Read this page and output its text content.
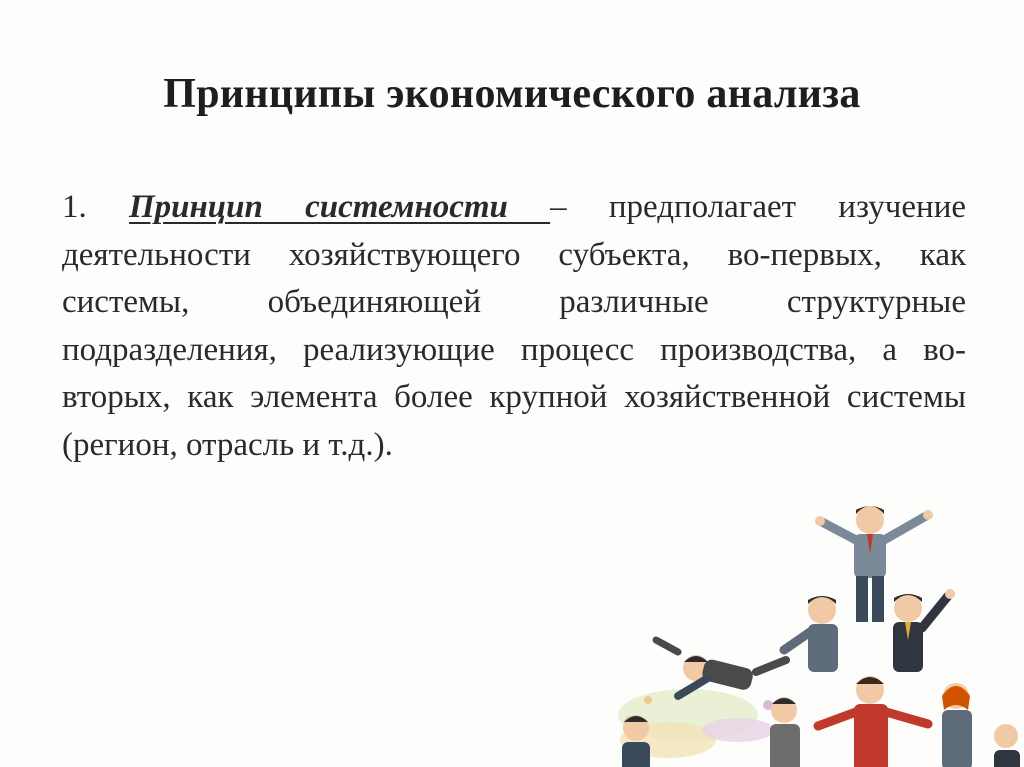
Принципы экономического анализа

1. Принцип системности – предполагает изучение деятельности хозяйствующего субъекта, во-первых, как системы, объединяющей различные структурные подразделения, реализующие процесс производства, а во-вторых, как элемента более крупной хозяйственной системы (регион, отрасль и т.д.).
